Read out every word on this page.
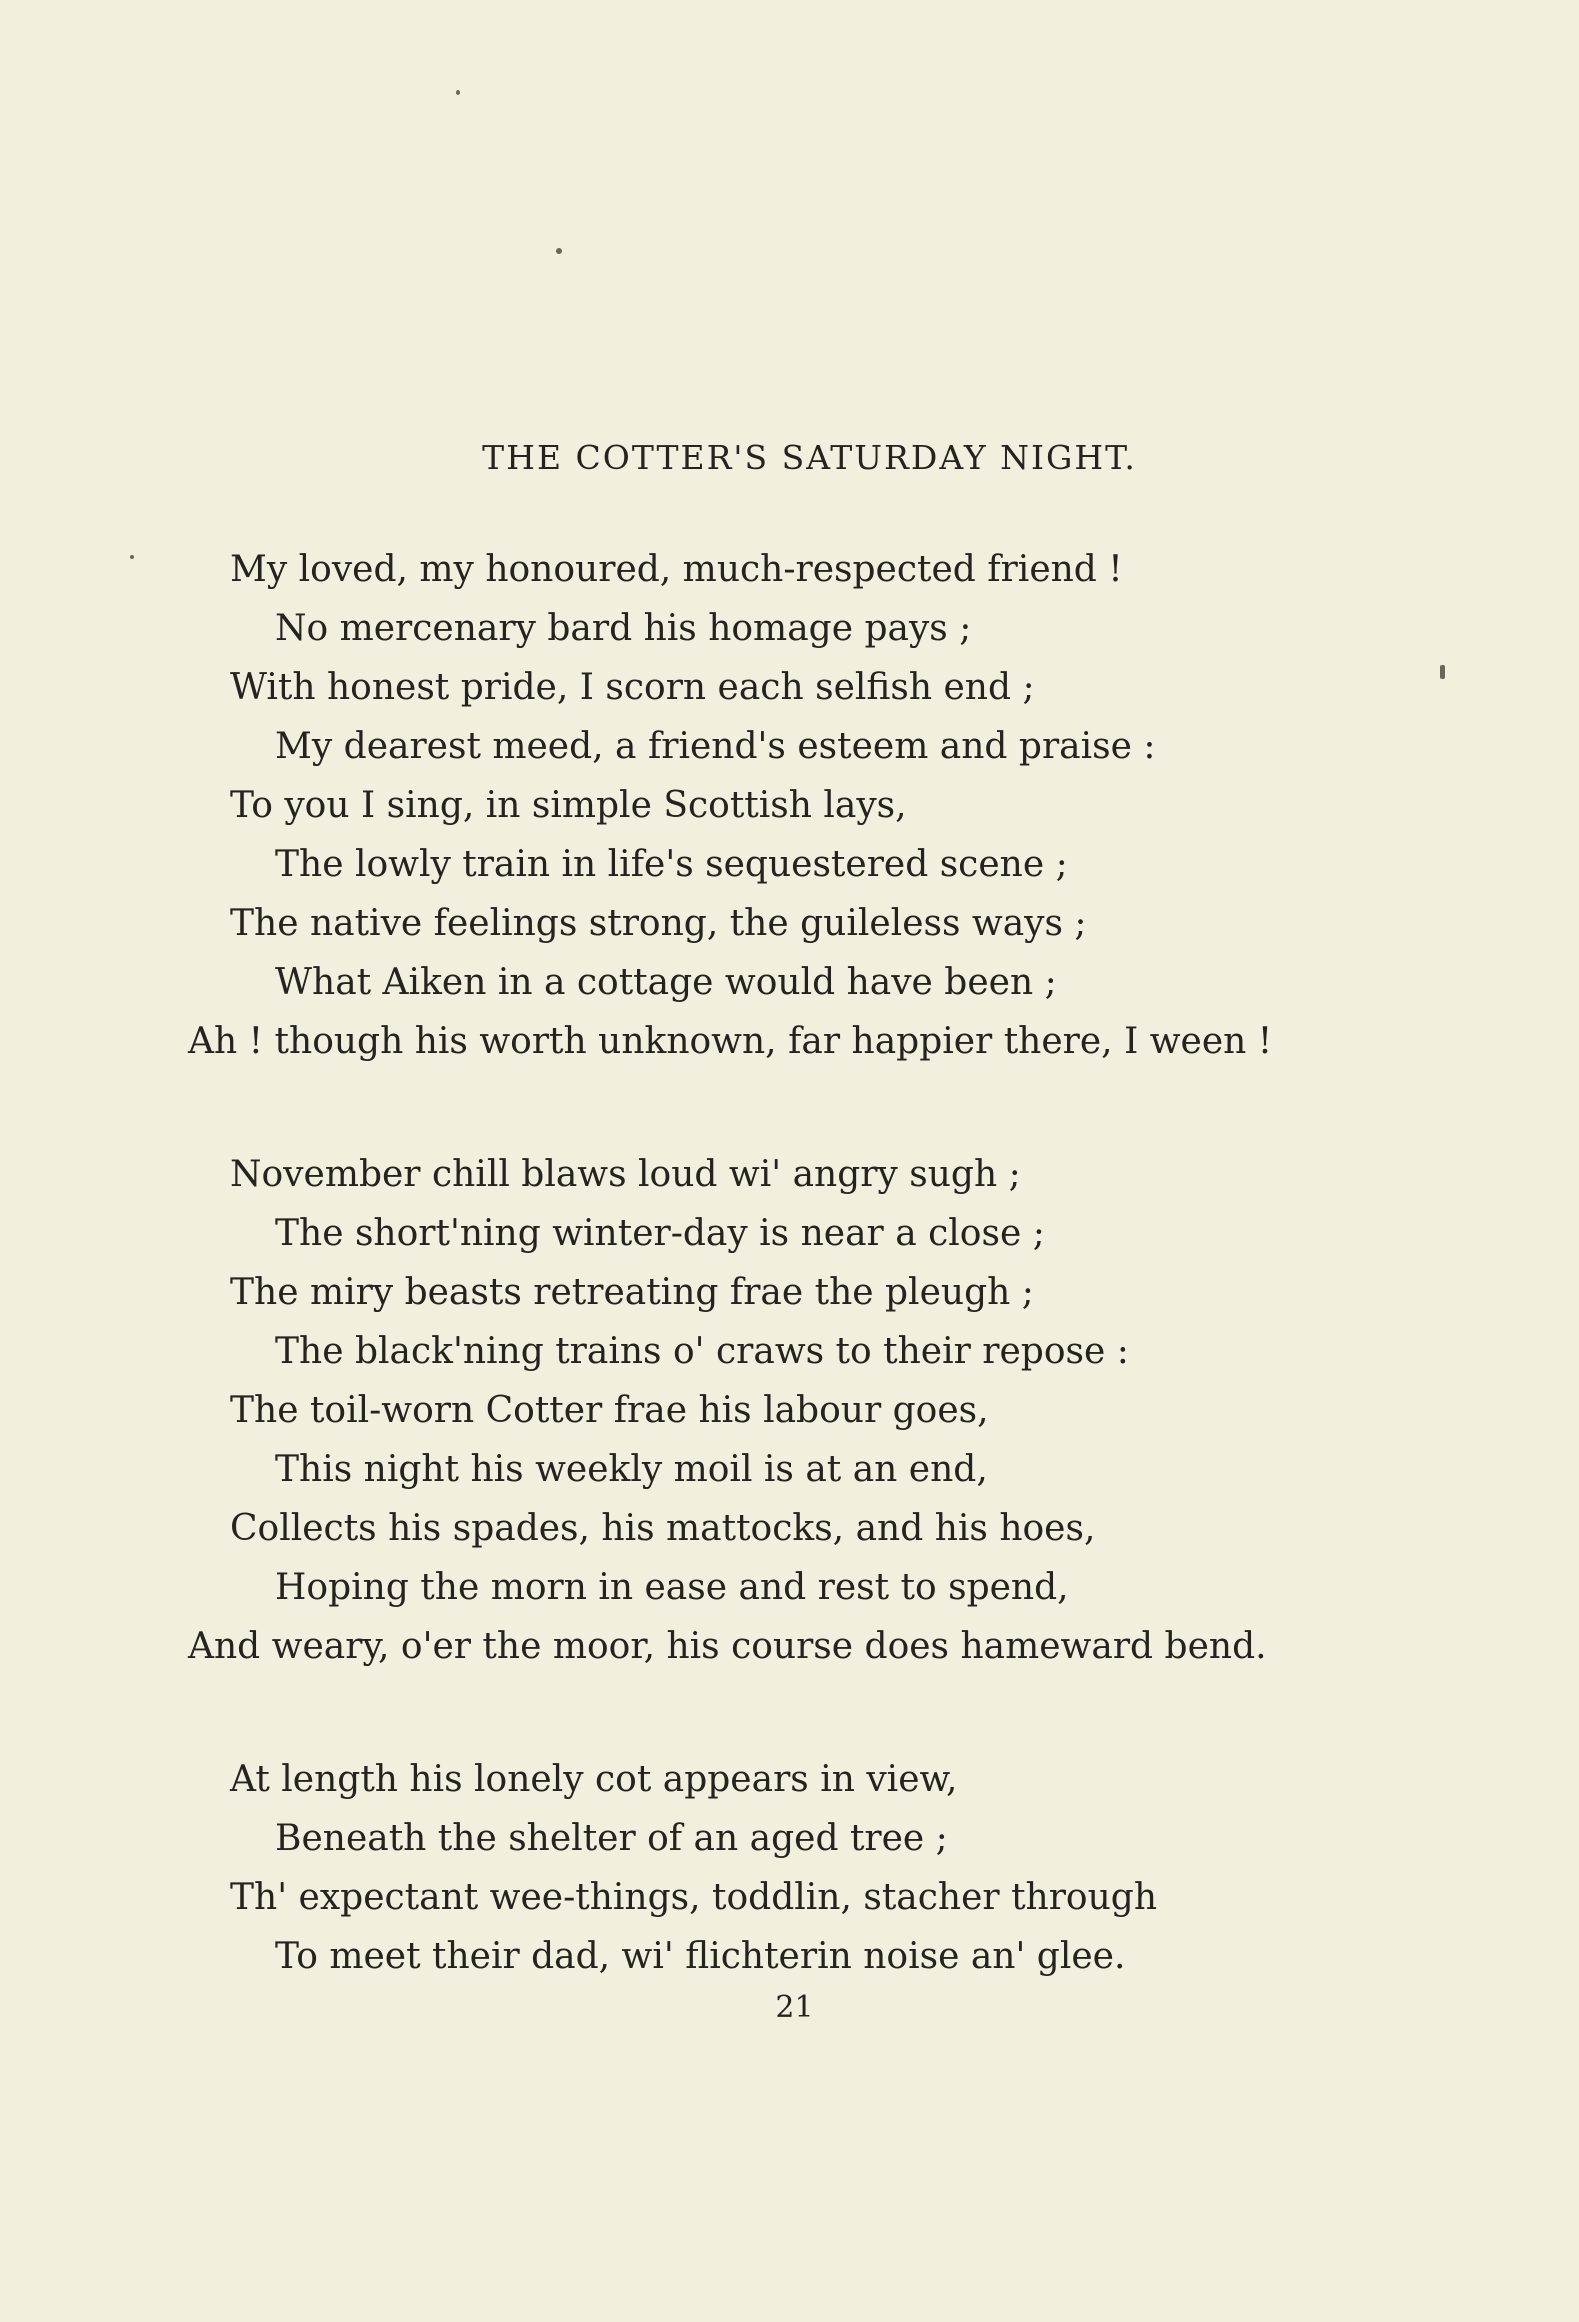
THE COTTER'S SATURDAY NIGHT.
My loved, my honoured, much-respected friend !
No mercenary bard his homage pays ;
With honest pride, I scorn each selfish end ;
My dearest meed, a friend's esteem and praise :
To you I sing, in simple Scottish lays,
The lowly train in life's sequestered scene ;
The native feelings strong, the guileless ways ;
What Aiken in a cottage would have been ;
Ah ! though his worth unknown, far happier there, I ween !
November chill blaws loud wi' angry sugh ;
The short'ning winter-day is near a close ;
The miry beasts retreating frae the pleugh ;
The black'ning trains o' craws to their repose :
The toil-worn Cotter frae his labour goes,
This night his weekly moil is at an end,
Collects his spades, his mattocks, and his hoes,
Hoping the morn in ease and rest to spend,
And weary, o'er the moor, his course does hameward bend.
At length his lonely cot appears in view,
Beneath the shelter of an aged tree ;
Th' expectant wee-things, toddlin, stacher through
To meet their dad, wi' flichterin noise an' glee.
21
